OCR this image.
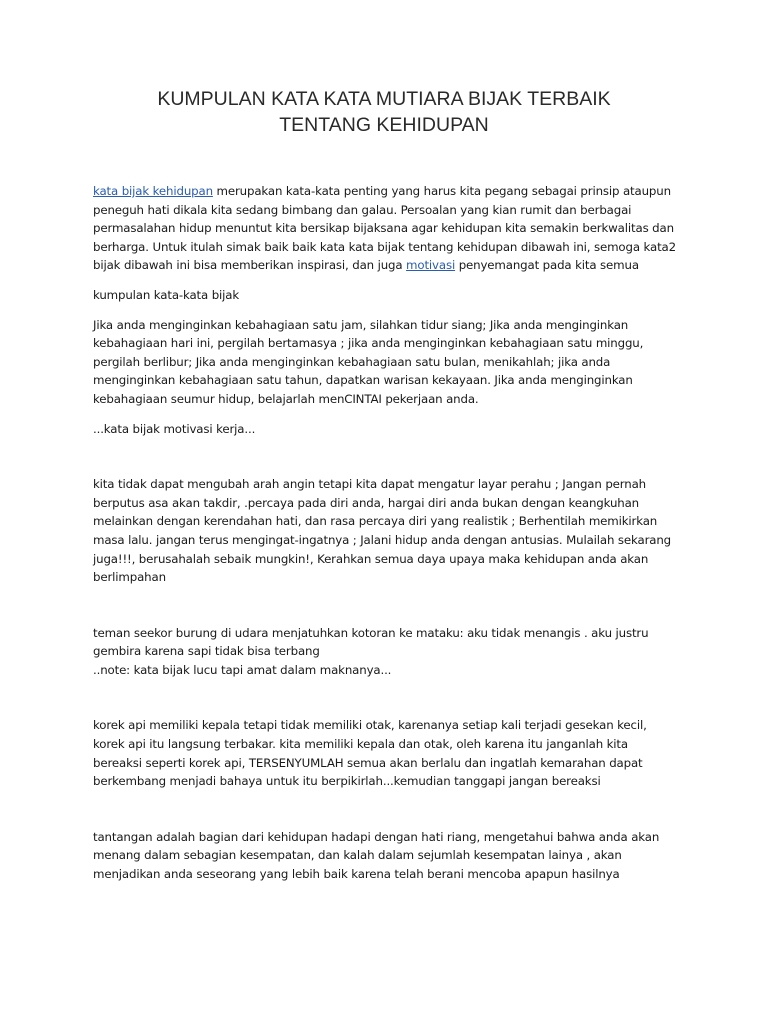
KUMPULAN KATA KATA MUTIARA BIJAK TERBAIK
TENTANG KEHIDUPAN

kata bijak kehidupan merupakan kata-kata penting yang harus kita pegang sebagai prinsip ataupun

peneguh hati dikala kita sedang bimbang dan galau. Persoalan yang kian rumit dan berbagai

permasalahan hidup menuntut kita bersikap bijaksana agar kehidupan kita semakin berkwalitas dan

berharga. Untuk itulah simak baik baik kata kata bijak tentang kehidupan dibawah ini, semoga kata2

bijak dibawah ini bisa memberikan inspirasi, dan juga motivasi penyemangat pada kita semua

kumpulan kata-kata bijak

Jika anda menginginkan kebahagiaan satu jam, silahkan tidur siang; Jika anda menginginkan

kebahagiaan hari ini, pergilah bertamasya ; jika anda menginginkan kebahagiaan satu minggu,

pergilah berlibur; Jika anda menginginkan kebahagiaan satu bulan, menikahlah; jika anda

menginginkan kebahagiaan satu tahun, dapatkan warisan kekayaan. Jika anda menginginkan

kebahagiaan seumur hidup, belajarlah menCINTAI pekerjaan anda.

...kata bijak motivasi kerja...

kita tidak dapat mengubah arah angin tetapi kita dapat mengatur layar perahu ; Jangan pernah

berputus asa akan takdir, .percaya pada diri anda, hargai diri anda bukan dengan keangkuhan

melainkan dengan kerendahan hati, dan rasa percaya diri yang realistik ; Berhentilah memikirkan

masa lalu. jangan terus mengingat-ingatnya ; Jalani hidup anda dengan antusias. Mulailah sekarang

juga!!!, berusahalah sebaik mungkin!, Kerahkan semua daya upaya maka kehidupan anda akan

berlimpahan

teman seekor burung di udara menjatuhkan kotoran ke mataku: aku tidak menangis . aku justru

gembira karena sapi tidak bisa terbang

..note: kata bijak lucu tapi amat dalam maknanya...

korek api memiliki kepala tetapi tidak memiliki otak, karenanya setiap kali terjadi gesekan kecil,

korek api itu langsung terbakar. kita memiliki kepala dan otak, oleh karena itu janganlah kita

bereaksi seperti korek api, TERSENYUMLAH semua akan berlalu dan ingatlah kemarahan dapat

berkembang menjadi bahaya untuk itu berpikirlah...kemudian tanggapi jangan bereaksi

tantangan adalah bagian dari kehidupan hadapi dengan hati riang, mengetahui bahwa anda akan

menang dalam sebagian kesempatan, dan kalah dalam sejumlah kesempatan lainya , akan

menjadikan anda seseorang yang lebih baik karena telah berani mencoba apapun hasilnya
